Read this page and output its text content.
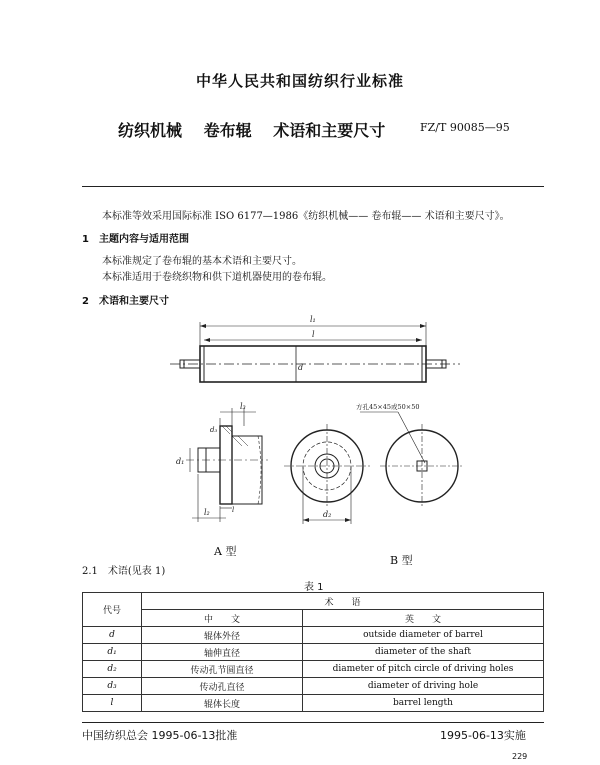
中华人民共和国纺织行业标准
纺织机械 卷布辊 术语和主要尺寸	FZ/T 90085—95
本标准等效采用国际标准 ISO 6177—1986《纺织机械—— 卷布辊—— 术语和主要尺寸》。
1　主题内容与适用范围
本标准规定了卷布辊的基本术语和主要尺寸。
本标准适用于卷绕织物和供下道机器使用的卷布辊。
2　术语和主要尺寸
l₁
l
d
l₃
d₃
d₁
l
l₂	d₂
方孔45×45或50×50
A 型
B 型
2.1　术语(见表 1)
表 1
代号	术　　语	
	中　　文	英　　文
d	辊体外径	outside diameter of barrel
d₁	轴伸直径	diameter of the shaft
d₂	传动孔节圆直径	diameter of pitch circle of driving holes
d₃	传动孔直径	diameter of driving hole
l	辊体长度	barrel length
中国纺织总会 1995-06-13批准	1995-06-13实施
229
